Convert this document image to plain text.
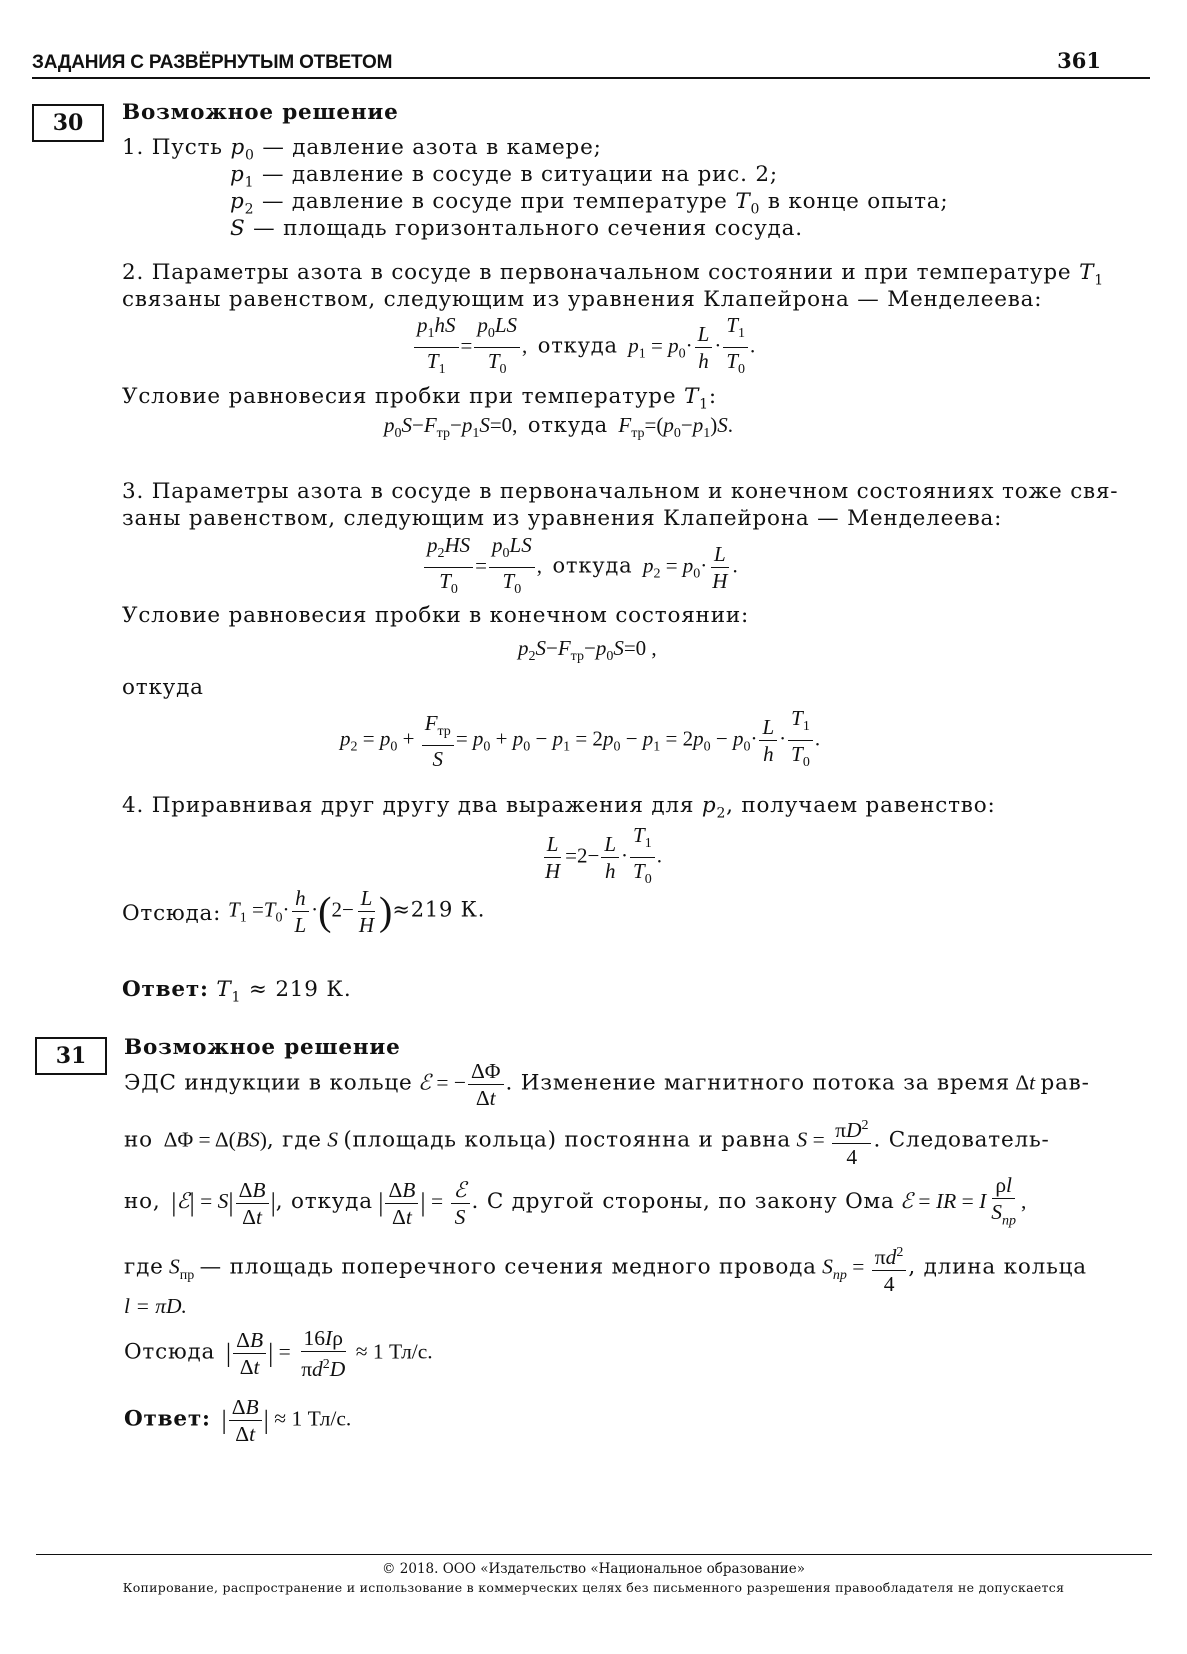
ЗАДАНИЯ С РАЗВЁРНУТЫМ ОТВЕТОМ	361
30	Возможное решение
1. Пусть $p_0$ — давление азота в камере;
$p_1$ — давление в сосуде в ситуации на рис. 2;
$p_2$ — давление в сосуде при температуре $T_0$ в конце опыта;
S — площадь горизонтального сечения сосуда.
2. Параметры азота в сосуде в первоначальном состоянии и при температуре $T_1$
связаны равенством, следующим из уравнения Клапейрона — Менделеева:
$\frac{p_1hS}{T_1} = \frac{p_0LS}{T_0}$ ,  откуда $p_1 = p_0\cdot \frac{L}{h} \cdot \frac{T_1}{T_0}$ .
Условие равновесия пробки при температуре $T_1$:
$p_0S-F_{тр}-p_1S=0$,  откуда $F_{тр}=(p_0-p_1)S$.
3. Параметры азота в сосуде в первоначальном и конечном состояниях тоже свя-
заны равенством, следующим из уравнения Клапейрона — Менделеева:
$\frac{p_2HS}{T_0} = \frac{p_0LS}{T_0}$ ,  откуда $p_2 = p_0\cdot \frac{L}{H}$ .
Условие равновесия пробки в конечном состоянии:
$p_2S-F_{тр}-p_0S=0$ ,
откуда
$p_2 = p_0$ +
$F_{тр}$
S
= $p_0 + p_0 - p_1 = 2p_0 - p_1 = 2p_0 - p_0\cdot \frac{L}{h} \cdot \frac{T_1}{T_0}$ .
4. Приравнивая друг другу два выражения для $p_2$, получаем равенство:
$\frac{L}{H} =2- \frac{L}{h} \cdot \frac{T_1}{T_0}$ .
Отсюда: $T_1 =T_0\cdot \frac{h}{L} \cdot(2- \frac{L}{H} )\approx 219$ К.
Ответ: $T_1 \approx 219$ К.
31	Возможное решение
ЭДС индукции в кольце ℰ = − $\frac{\Delta\Phi}{\Delta t}$ . Изменение магнитного потока за время Δt рав-
но  ΔΦ = Δ(BS), где S (площадь кольца) постоянна и равна $S = \frac{\pi D^2}{4}$ . Следователь-
но, |ℰ| = $S| \frac{\Delta B}{\Delta t}$ |, откуда | $\frac{\Delta B}{\Delta t}$ | = ℰ
S
. С другой стороны, по закону Ома ℰ = IR = I
ρl
$S_{пр}$
,
где $S_{пр}$ — площадь поперечного сечения медного провода $S_{пр} = \frac{\pi d^2}{4}$ , длина кольца
l = πD.
Отсюда | $\frac{\Delta B}{\Delta t}$ | = $\frac{16I\rho}{\pi d^2D} \approx 1$ Тл/с.
Ответ: | $\frac{\Delta B}{\Delta t}$ | ≈ 1 Тл/с.
© 2018. ООО «Издательство «Национальное образование»
Копирование, распространение и использование в коммерческих целях без письменного разрешения правообладателя не допускается
